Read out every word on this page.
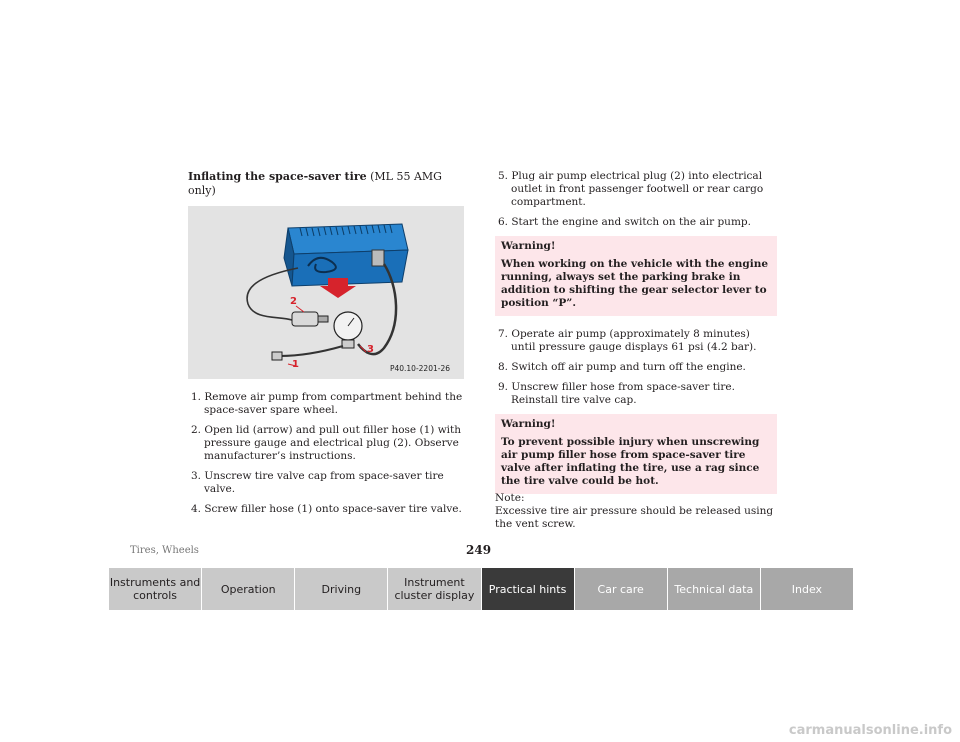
Inflating the space-saver tire (ML 55 AMG only)

2
3
1	P40.10-2201-26
1. Remove air pump from compartment behind the space-saver spare wheel.
2. Open lid (arrow) and pull out filler hose (1) with pressure gauge and electrical plug (2). Observe manufacturer’s instructions.
3. Unscrew tire valve cap from space-saver tire valve.
4. Screw filler hose (1) onto space-saver tire valve.
5. Plug air pump electrical plug (2) into electrical outlet in front passenger footwell or rear cargo compartment.
6. Start the engine and switch on the air pump.
Warning!
When working on the vehicle with the engine running, always set the parking brake in addition to shifting the gear selector lever to position “P”.
7. Operate air pump (approximately 8 minutes) until pressure gauge displays 61 psi (4.2 bar).
8. Switch off air pump and turn off the engine.
9. Unscrew filler hose from space-saver tire. Reinstall tire valve cap.
Warning!
To prevent possible injury when unscrewing air pump filler hose from space-saver tire valve after inflating the tire, use a rag since the tire valve could be hot.
Note:
Excessive tire air pressure should be released using the vent screw.
Tires, Wheels	249
Instruments and controls	Operation	Driving	Instrument cluster display	Practical hints	Car care	Technical data	Index
carmanualsonline.info
